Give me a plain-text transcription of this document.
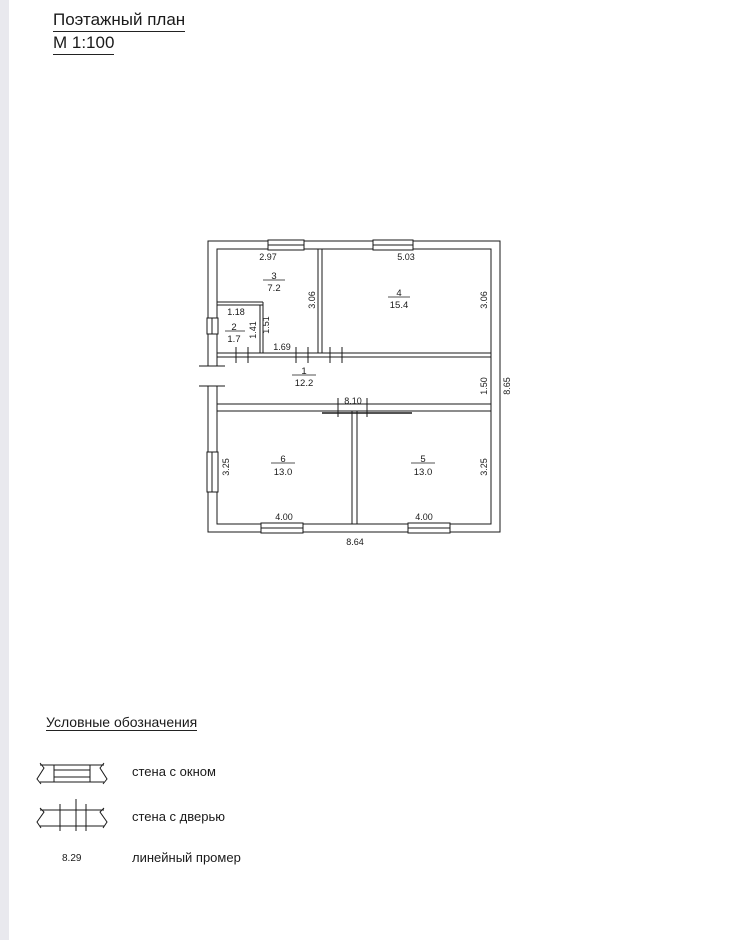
Поэтажный план
М 1:100
3
7.2	4
15.4
2
1.7
1
12.2
5
13.0
6
13.0
2.97	5.03
1.18
1.69
8.10
4.00	4.00
8.64
3.06	3.06
1.41 1.51
1.50 8.65
3.25	3.25
Условные обозначения
стена с окном
стена с дверью
8.29	линейный промер
